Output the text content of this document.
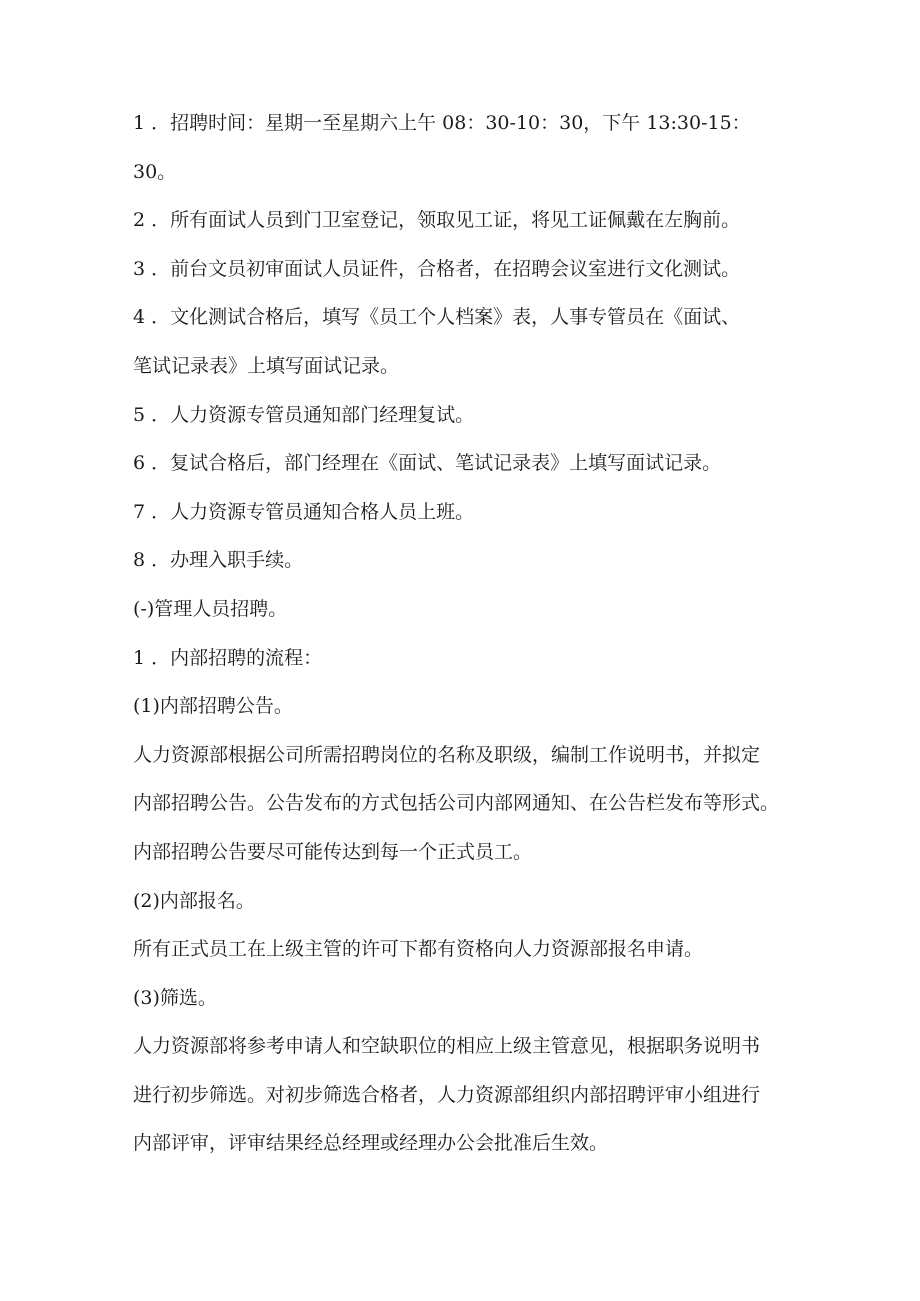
1 ．招聘时间：星期一至星期六上午 08：30-10：30，下午 13:30-15：
30。
2 ．所有面试人员到门卫室登记，领取见工证，将见工证佩戴在左胸前。
3 ．前台文员初审面试人员证件，合格者，在招聘会议室进行文化测试。
4 ．文化测试合格后，填写《员工个人档案》表，人事专管员在《面试、
笔试记录表》上填写面试记录。
5 ．人力资源专管员通知部门经理复试。
6 ．复试合格后，部门经理在《面试、笔试记录表》上填写面试记录。
7 ．人力资源专管员通知合格人员上班。
8 ．办理入职手续。
(-)管理人员招聘。
1 ．内部招聘的流程：
(1)内部招聘公告。
人力资源部根据公司所需招聘岗位的名称及职级，编制工作说明书，并拟定
内部招聘公告。公告发布的方式包括公司内部网通知、在公告栏发布等形式。
内部招聘公告要尽可能传达到每一个正式员工。
(2)内部报名。
所有正式员工在上级主管的许可下都有资格向人力资源部报名申请。
(3)筛选。
人力资源部将参考申请人和空缺职位的相应上级主管意见，根据职务说明书
进行初步筛选。对初步筛选合格者，人力资源部组织内部招聘评审小组进行
内部评审，评审结果经总经理或经理办公会批准后生效。
